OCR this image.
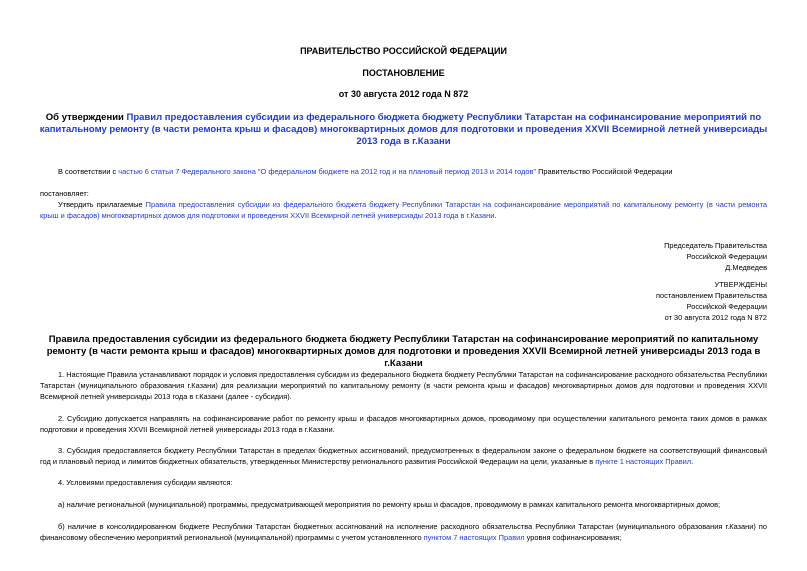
ПРАВИТЕЛЬСТВО РОССИЙСКОЙ ФЕДЕРАЦИИ
ПОСТАНОВЛЕНИЕ
от 30 августа 2012 года N 872
Об утверждении Правил предоставления субсидии из федерального бюджета бюджету Республики Татарстан на софинансирование мероприятий по капитальному ремонту (в части ремонта крыш и фасадов) многоквартирных домов для подготовки и проведения XXVII Всемирной летней универсиады 2013 года в г.Казани
В соответствии с частью 6 статьи 7 Федерального закона "О федеральном бюджете на 2012 год и на плановый период 2013 и 2014 годов" Правительство Российской Федерации
постановляет:
Утвердить прилагаемые Правила предоставления субсидии из федерального бюджета бюджету Республики Татарстан на софинансирование мероприятий по капитальному ремонту (в части ремонта крыш и фасадов) многоквартирных домов для подготовки и проведения XXVII Всемирной летней универсиады 2013 года в г.Казани.
Председатель Правительства
Российской Федерации
Д.Медведев
УТВЕРЖДЕНЫ
постановлением Правительства
Российской Федерации
от 30 августа 2012 года N 872
Правила предоставления субсидии из федерального бюджета бюджету Республики Татарстан на софинансирование мероприятий по капитальному ремонту (в части ремонта крыш и фасадов) многоквартирных домов для подготовки и проведения XXVII Всемирной летней универсиады 2013 года в г.Казани
1. Настоящие Правила устанавливают порядок и условия предоставления субсидии из федерального бюджета бюджету Республики Татарстан на софинансирование расходного обязательства Республики Татарстан (муниципального образования г.Казани) для реализации мероприятий по капитальному ремонту (в части ремонта крыш и фасадов) многоквартирных домов для подготовки и проведения XXVII Всемирной летней универсиады 2013 года в г.Казани (далее - субсидия).
2. Субсидию допускается направлять на софинансирование работ по ремонту крыш и фасадов многоквартирных домов, проводимому при осуществлении капитального ремонта таких домов в рамках подготовки и проведения XXVII Всемирной летней универсиады 2013 года в г.Казани.
3. Субсидия предоставляется бюджету Республики Татарстан в пределах бюджетных ассигнований, предусмотренных в федеральном законе о федеральном бюджете на соответствующий финансовый год и плановый период и лимитов бюджетных обязательств, утвержденных Министерству регионального развития Российской Федерации на цели, указанные в пункте 1 настоящих Правил.
4. Условиями предоставления субсидии являются:
а) наличие региональной (муниципальной) программы, предусматривающей мероприятия по ремонту крыш и фасадов, проводимому в рамках капитального ремонта многоквартирных домов;
б) наличие в консолидированном бюджете Республики Татарстан бюджетных ассигнований на исполнение расходного обязательства Республики Татарстан (муниципального образования г.Казани) по финансовому обеспечению мероприятий региональной (муниципальной) программы с учетом установленного пунктом 7 настоящих Правил уровня софинансирования;
